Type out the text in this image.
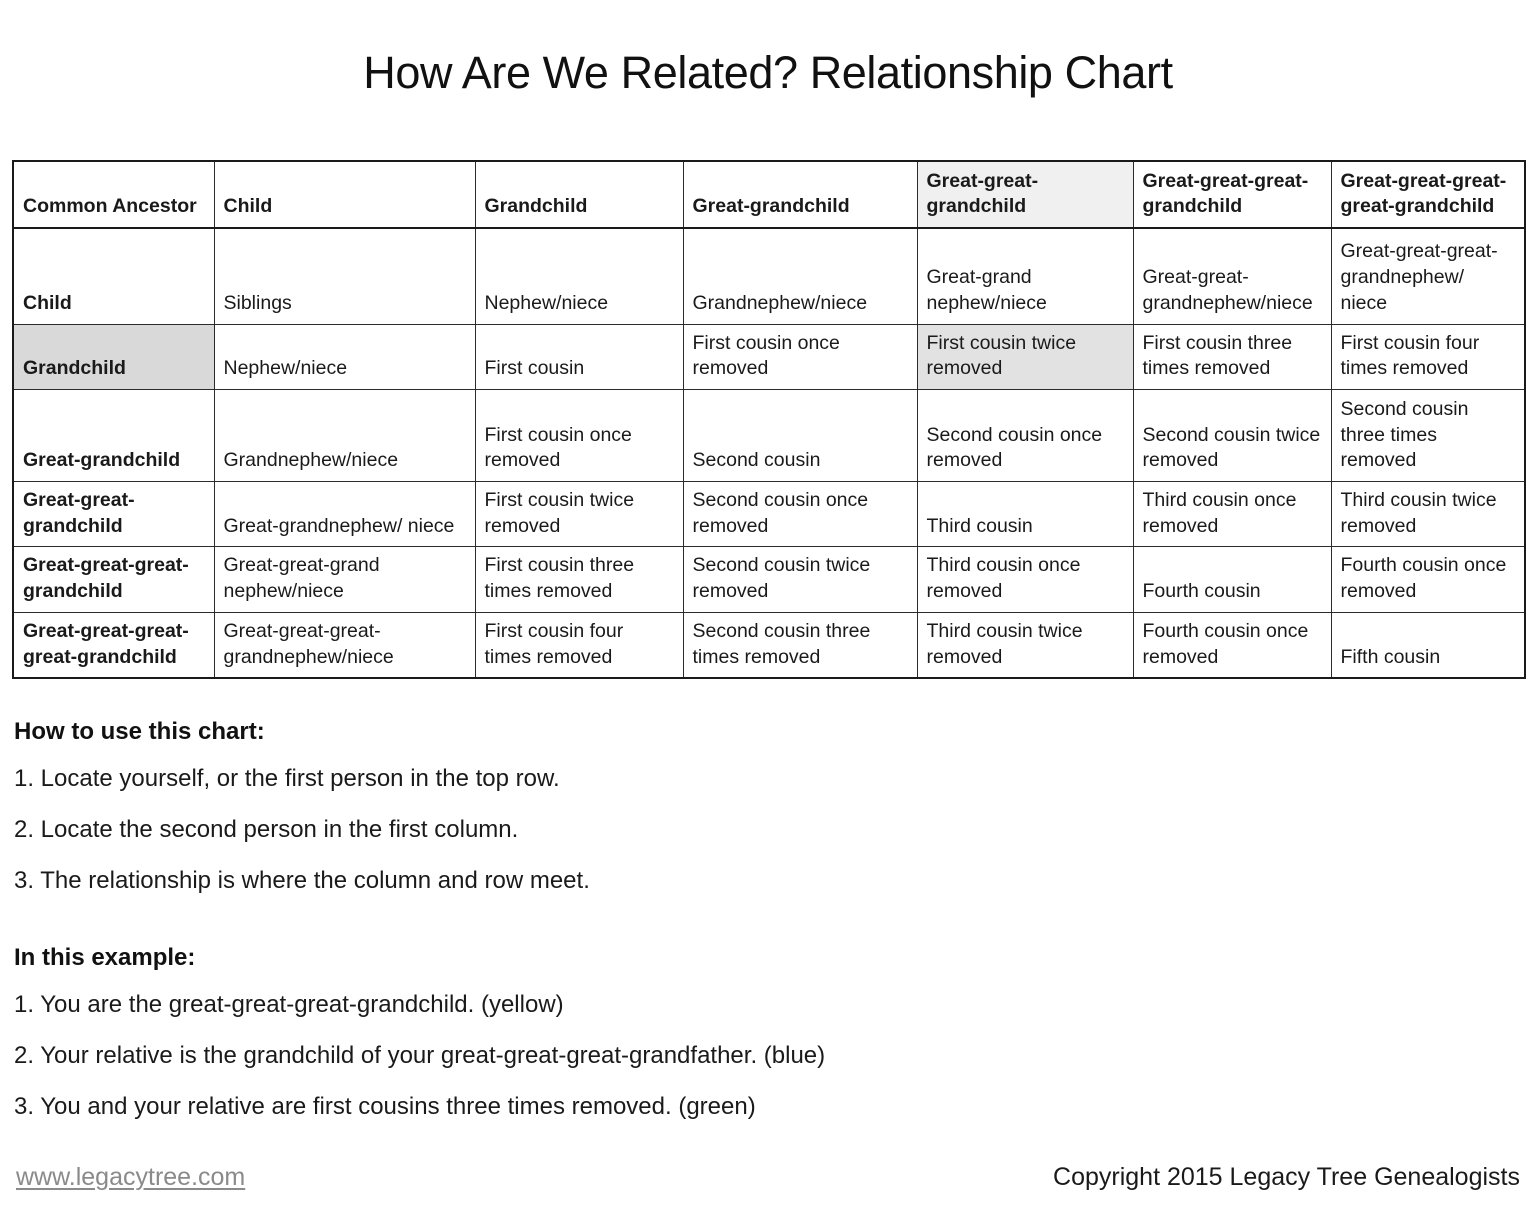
How Are We Related? Relationship Chart
Common Ancestor	Child	Grandchild	Great-grandchild	Great-great-grandchild	Great-great-great-grandchild	Great-great-great-great-grandchild
Child	Siblings	Nephew/niece	Grandnephew/niece	Great-grand nephew/niece	Great-great-grandnephew/niece	Great-great-great-grandnephew/ niece
Grandchild	Nephew/niece	First cousin	First cousin once removed	First cousin twice removed	First cousin three times removed	First cousin four times removed
Great-grandchild	Grandnephew/niece	First cousin once removed	Second cousin	Second cousin once removed	Second cousin twice removed	Second cousin three times removed
Great-great-grandchild	Great-grandnephew/ niece	First cousin twice removed	Second cousin once removed	Third cousin	Third cousin once removed	Third cousin twice removed
Great-great-great-grandchild	Great-great-grand nephew/niece	First cousin three times removed	Second cousin twice removed	Third cousin once removed	Fourth cousin	Fourth cousin once removed
Great-great-great-great-grandchild	Great-great-great-grandnephew/niece	First cousin four times removed	Second cousin three times removed	Third cousin twice removed	Fourth cousin once removed	Fifth cousin

How to use this chart:

1. Locate yourself, or the first person in the top row.

2. Locate the second person in the first column.

3. The relationship is where the column and row meet.

In this example:

1. You are the great-great-great-grandchild. (yellow)

2. Your relative is the grandchild of your great-great-great-grandfather. (blue)

3. You and your relative are first cousins three times removed. (green)

www.legacytree.com	Copyright 2015 Legacy Tree Genealogists
